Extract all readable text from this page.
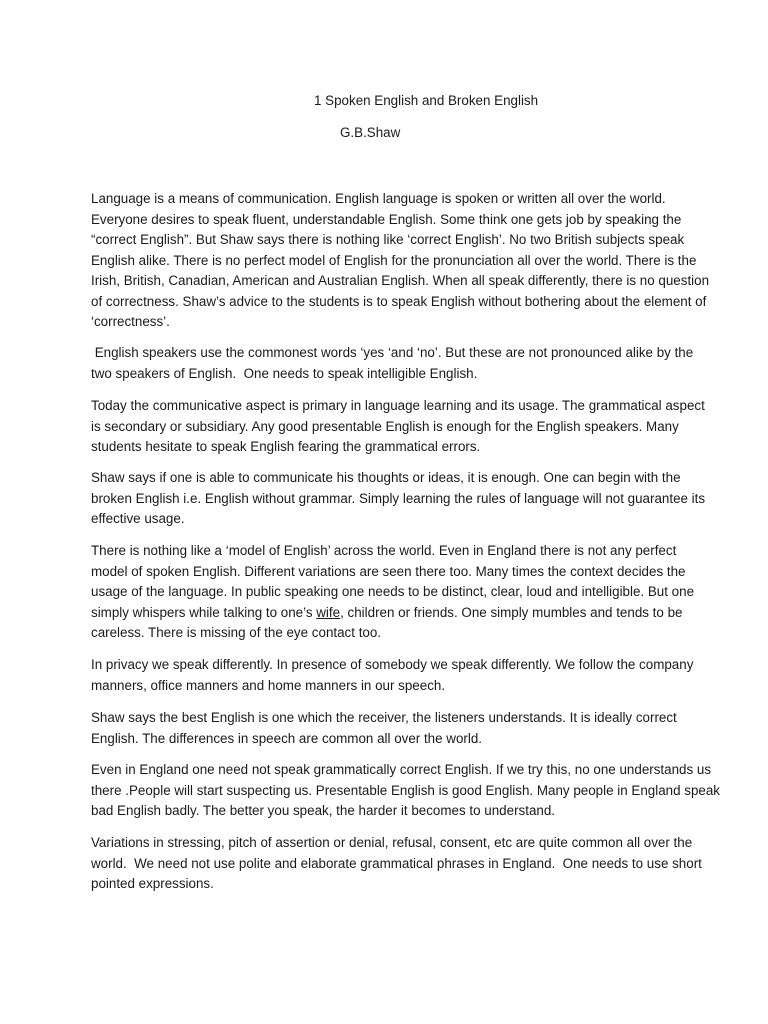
1 Spoken English and Broken English
G.B.Shaw

Language is a means of communication. English language is spoken or written all over the world.
Everyone desires to speak fluent, understandable English. Some think one gets job by speaking the
“correct English”. But Shaw says there is nothing like ‘correct English’. No two British subjects speak
English alike. There is no perfect model of English for the pronunciation all over the world. There is the
Irish, British, Canadian, American and Australian English. When all speak differently, there is no question
of correctness. Shaw’s advice to the students is to speak English without bothering about the element of
‘correctness’.

English speakers use the commonest words ‘yes ‘and ‘no’. But these are not pronounced alike by the
two speakers of English.  One needs to speak intelligible English.

Today the communicative aspect is primary in language learning and its usage. The grammatical aspect
is secondary or subsidiary. Any good presentable English is enough for the English speakers. Many
students hesitate to speak English fearing the grammatical errors.

Shaw says if one is able to communicate his thoughts or ideas, it is enough. One can begin with the
broken English i.e. English without grammar. Simply learning the rules of language will not guarantee its
effective usage.

There is nothing like a ‘model of English’ across the world. Even in England there is not any perfect
model of spoken English. Different variations are seen there too. Many times the context decides the
usage of the language. In public speaking one needs to be distinct, clear, loud and intelligible. But one
simply whispers while talking to one’s wife, children or friends. One simply mumbles and tends to be
careless. There is missing of the eye contact too.

In privacy we speak differently. In presence of somebody we speak differently. We follow the company
manners, office manners and home manners in our speech.

Shaw says the best English is one which the receiver, the listeners understands. It is ideally correct
English. The differences in speech are common all over the world.

Even in England one need not speak grammatically correct English. If we try this, no one understands us
there .People will start suspecting us. Presentable English is good English. Many people in England speak
bad English badly. The better you speak, the harder it becomes to understand.

Variations in stressing, pitch of assertion or denial, refusal, consent, etc are quite common all over the
world.  We need not use polite and elaborate grammatical phrases in England.  One needs to use short
pointed expressions.
